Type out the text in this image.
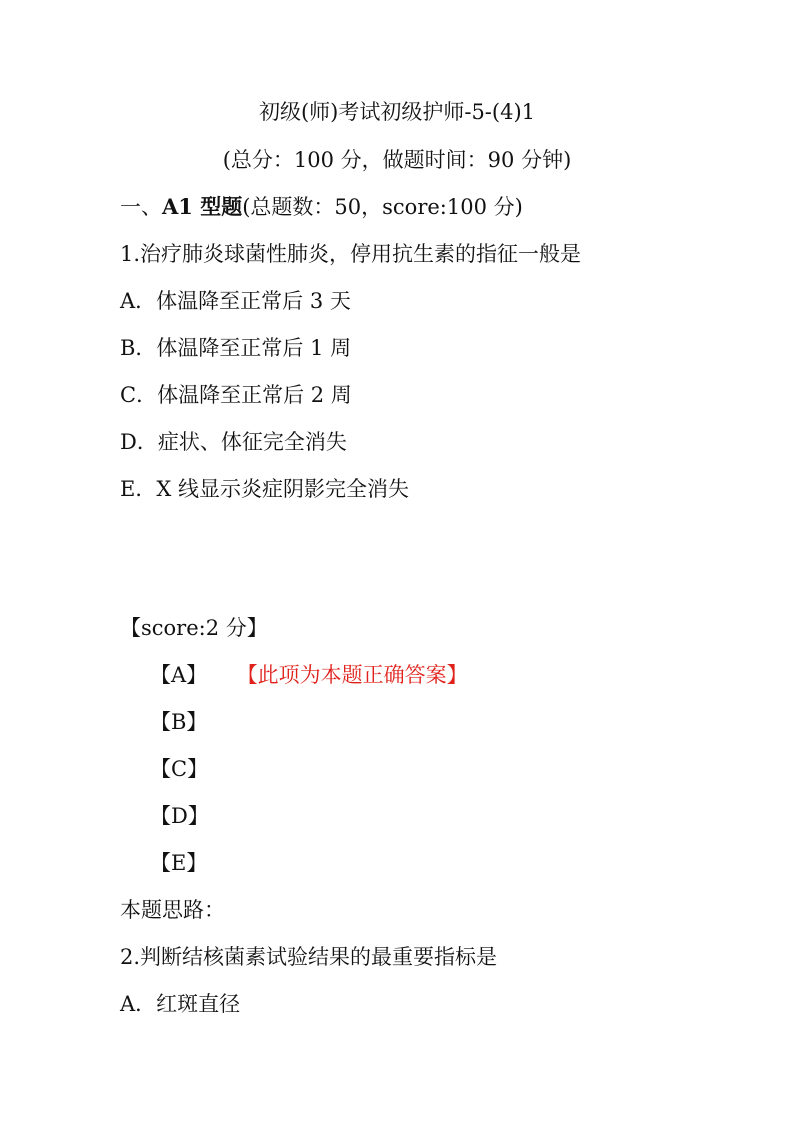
初级(师)考试初级护师-5-(4)1
(总分：100 分，做题时间：90 分钟)
一、A1 型题(总题数：50，score:100 分)
1.治疗肺炎球菌性肺炎，停用抗生素的指征一般是
A．体温降至正常后 3 天
B．体温降至正常后 1 周
C．体温降至正常后 2 周
D．症状、体征完全消失
E．X 线显示炎症阴影完全消失
【score:2 分】
【A】 【此项为本题正确答案】
【B】
【C】
【D】
【E】
本题思路：
2.判断结核菌素试验结果的最重要指标是
A．红斑直径
